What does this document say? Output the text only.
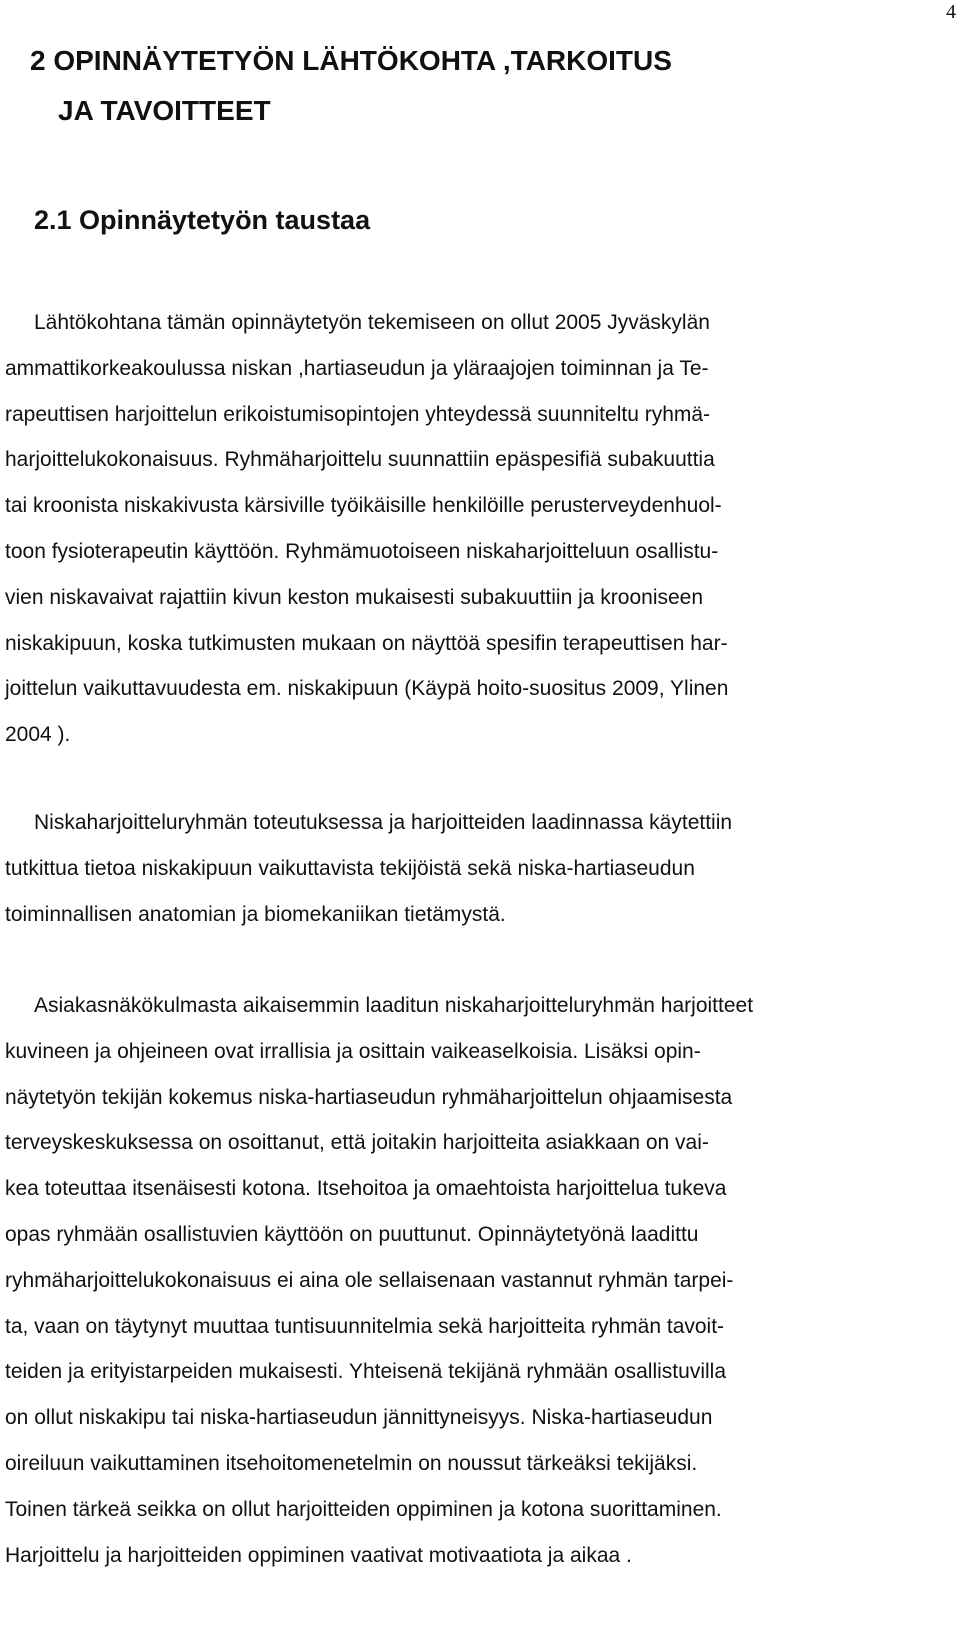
4
2 OPINNÄYTETYÖN LÄHTÖKOHTA ,TARKOITUS
JA TAVOITTEET
2.1 Opinnäytetyön taustaa

Lähtökohtana tämän opinnäytetyön tekemiseen on ollut 2005 Jyväskylän
ammattikorkeakoulussa niskan ,hartiaseudun ja yläraajojen toiminnan ja Te-
rapeuttisen harjoittelun erikoistumisopintojen yhteydessä suunniteltu ryhmä-
harjoittelukokonaisuus. Ryhmäharjoittelu suunnattiin epäspesifiä subakuuttia
tai kroonista niskakivusta kärsiville työikäisille henkilöille perusterveydenhuol-
toon fysioterapeutin käyttöön. Ryhmämuotoiseen niskaharjoitteluun osallistu-
vien niskavaivat rajattiin kivun keston mukaisesti subakuuttiin ja krooniseen
niskakipuun, koska tutkimusten mukaan on näyttöä spesifin terapeuttisen har-
joittelun vaikuttavuudesta em. niskakipuun (Käypä hoito-suositus 2009, Ylinen
2004 ).

Niskaharjoitteluryhmän toteutuksessa ja harjoitteiden laadinnassa käytettiin
tutkittua tietoa niskakipuun vaikuttavista tekijöistä sekä niska-hartiaseudun
toiminnallisen anatomian ja biomekaniikan tietämystä.

Asiakasnäkökulmasta aikaisemmin laaditun niskaharjoitteluryhmän harjoitteet
kuvineen ja ohjeineen ovat irrallisia ja osittain vaikeaselkoisia. Lisäksi opin-
näytetyön tekijän kokemus niska-hartiaseudun ryhmäharjoittelun ohjaamisesta
terveyskeskuksessa on osoittanut, että joitakin harjoitteita asiakkaan on vai-
kea toteuttaa itsenäisesti kotona. Itsehoitoa ja omaehtoista harjoittelua tukeva
opas ryhmään osallistuvien käyttöön on puuttunut. Opinnäytetyönä laadittu
ryhmäharjoittelukokonaisuus ei aina ole sellaisenaan vastannut ryhmän tarpei-
ta, vaan on täytynyt muuttaa tuntisuunnitelmia sekä harjoitteita ryhmän tavoit-
teiden ja erityistarpeiden mukaisesti. Yhteisenä tekijänä ryhmään osallistuvilla
on ollut niskakipu tai niska-hartiaseudun jännittyneisyys. Niska-hartiaseudun
oireiluun vaikuttaminen itsehoitomenetelmin on noussut tärkeäksi tekijäksi.
Toinen tärkeä seikka on ollut harjoitteiden oppiminen ja kotona suorittaminen.
Harjoittelu ja harjoitteiden oppiminen vaativat motivaatiota ja aikaa .
